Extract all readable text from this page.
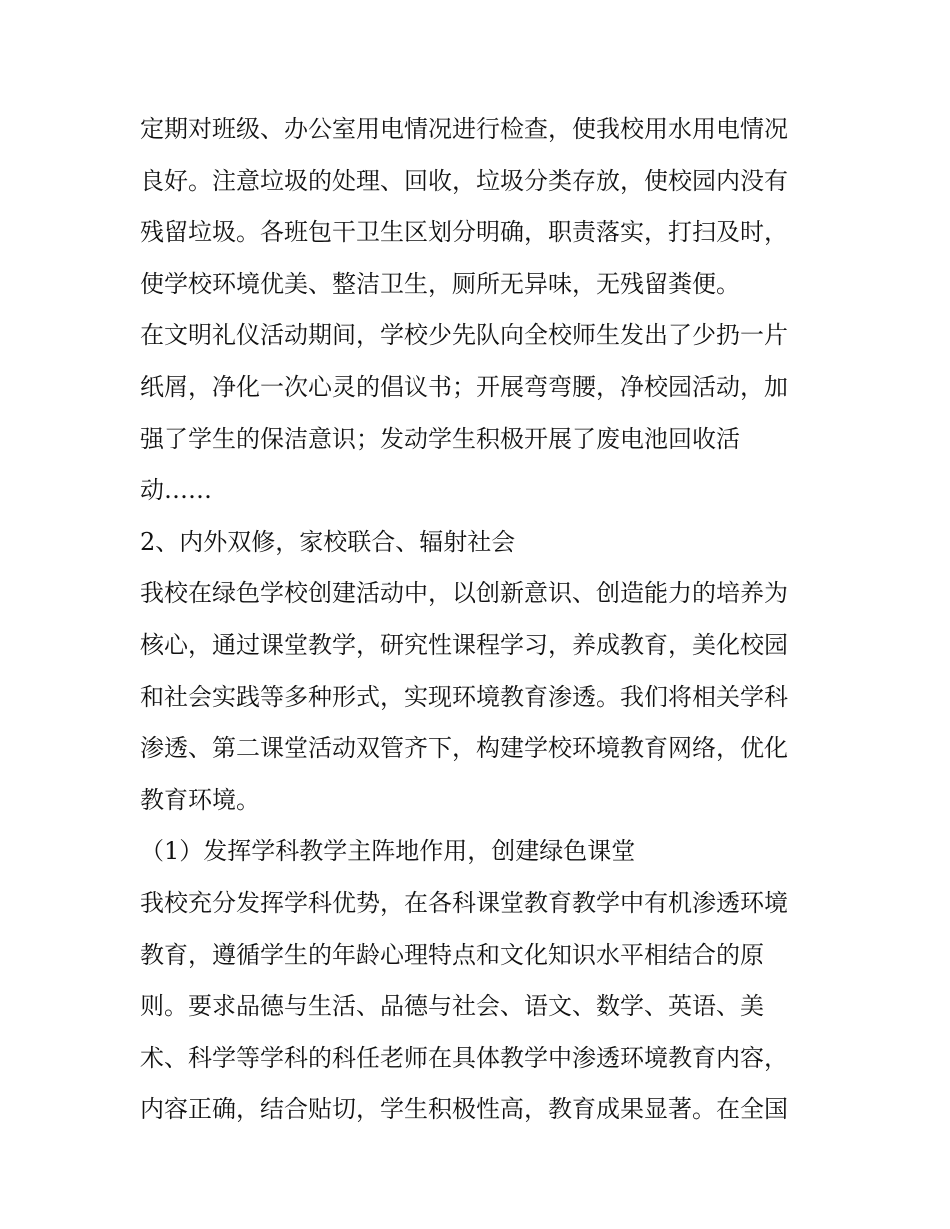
定期对班级、办公室用电情况进行检查，使我校用水用电情况
良好。注意垃圾的处理、回收，垃圾分类存放，使校园内没有
残留垃圾。各班包干卫生区划分明确，职责落实，打扫及时，
使学校环境优美、整洁卫生，厕所无异味，无残留粪便。
在文明礼仪活动期间，学校少先队向全校师生发出了少扔一片
纸屑，净化一次心灵的倡议书；开展弯弯腰，净校园活动，加
强了学生的保洁意识；发动学生积极开展了废电池回收活
动……
2、内外双修，家校联合、辐射社会
我校在绿色学校创建活动中，以创新意识、创造能力的培养为
核心，通过课堂教学，研究性课程学习，养成教育，美化校园
和社会实践等多种形式，实现环境教育渗透。我们将相关学科
渗透、第二课堂活动双管齐下，构建学校环境教育网络，优化
教育环境。
（1）发挥学科教学主阵地作用，创建绿色课堂
我校充分发挥学科优势，在各科课堂教育教学中有机渗透环境
教育，遵循学生的年龄心理特点和文化知识水平相结合的原
则。要求品德与生活、品德与社会、语文、数学、英语、美
术、科学等学科的科任老师在具体教学中渗透环境教育内容，
内容正确，结合贴切，学生积极性高，教育成果显著。在全国
